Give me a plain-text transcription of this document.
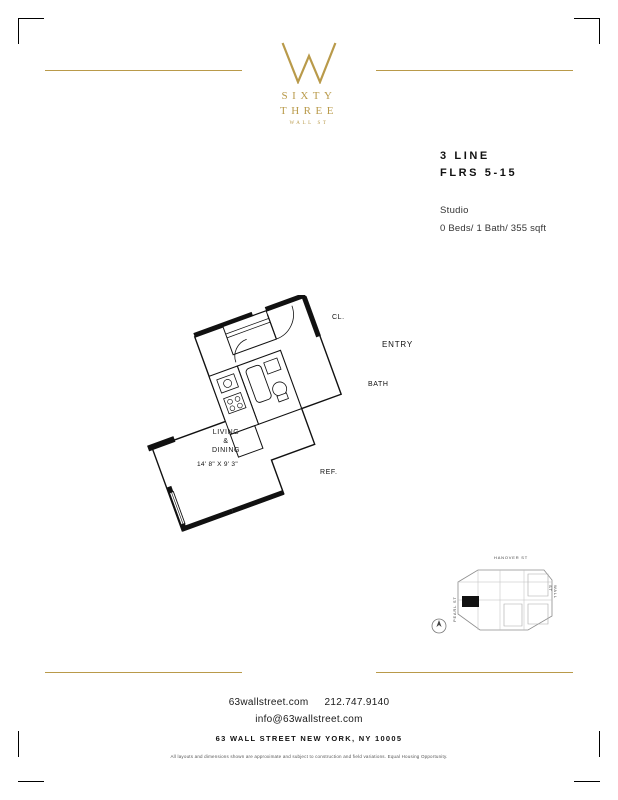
SIXTY
THREE
WALL ST
3 LINE
FLRS 5-15
Studio
0 Beds/ 1 Bath/ 355 sqft
ENTRY
BATH
REF.
LIVING
&
DINING
14' 8" X 9' 3"
CL.
HANOVER ST
PEARL ST
WALL ST
63wallstreet.com 212.747.9140
info@63wallstreet.com
63 WALL STREET NEW YORK, NY 10005
All layouts and dimensions shown are approximate and subject to construction and field variations. Equal Housing Opportunity.
